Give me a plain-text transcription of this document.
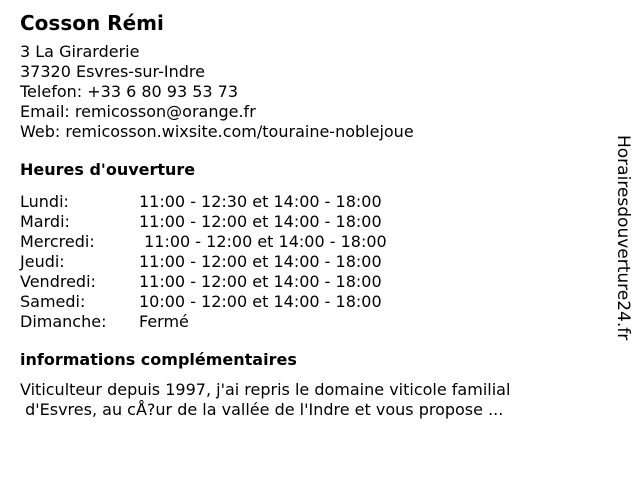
Cosson Rémi
3 La Girarderie
37320 Esvres-sur-Indre
Telefon: +33 6 80 93 53 73
Email: remicosson@orange.fr
Web: remicosson.wixsite.com/touraine-noblejoue
Heures d'ouverture
Lundi:	11:00 - 12:30 et 14:00 - 18:00
Mardi:	11:00 - 12:00 et 14:00 - 18:00
Mercredi:	11:00 - 12:00 et 14:00 - 18:00
Jeudi:	11:00 - 12:00 et 14:00 - 18:00
Vendredi:	11:00 - 12:00 et 14:00 - 18:00
Samedi:	10:00 - 12:00 et 14:00 - 18:00
Dimanche:	Fermé
informations complémentaires
Viticulteur depuis 1997, j'ai repris le domaine viticole familial
d'Esvres, au cÅ?ur de la vallée de l'Indre et vous propose ...
Horairesdouverture24.fr
